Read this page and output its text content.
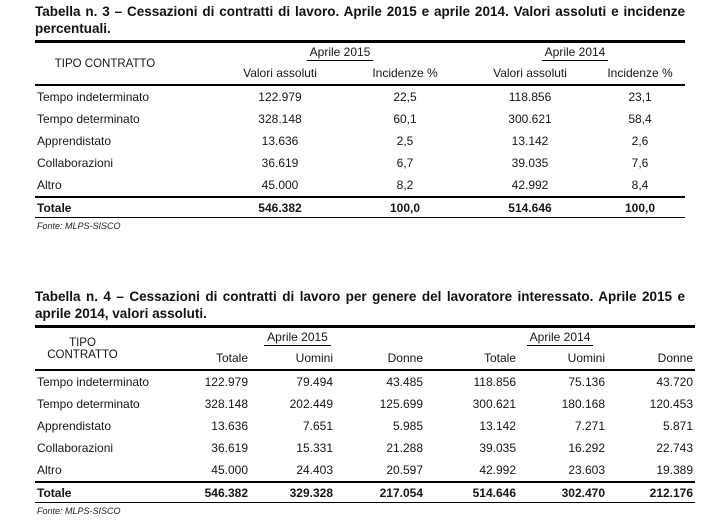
Tabella n. 3 – Cessazioni di contratti di lavoro. Aprile 2015 e aprile 2014. Valori assoluti e incidenze percentuali.
TIPO CONTRATTO	Aprile 2015		Aprile 2014	
	Valori assoluti	Incidenze %	Valori assoluti	Incidenze %
Tempo indeterminato	122.979	22,5	118.856	23,1
Tempo determinato	328.148	60,1	300.621	58,4
Apprendistato	13.636	2,5	13.142	2,6
Collaborazioni	36.619	6,7	39.035	7,6
Altro	45.000	8,2	42.992	8,4
Totale	546.382	100,0	514.646	100,0
Fonte: MLPS-SISCO
Tabella n. 4 – Cessazioni di contratti di lavoro per genere del lavoratore interessato. Aprile 2015 e aprile 2014, valori assoluti.
TIPO CONTRATTO	Aprile 2015			Aprile 2014		
	Totale	Uomini	Donne	Totale	Uomini	Donne
Tempo indeterminato	122.979	79.494	43.485	118.856	75.136	43.720
Tempo determinato	328.148	202.449	125.699	300.621	180.168	120.453
Apprendistato	13.636	7.651	5.985	13.142	7.271	5.871
Collaborazioni	36.619	15.331	21.288	39.035	16.292	22.743
Altro	45.000	24.403	20.597	42.992	23.603	19.389
Totale	546.382	329.328	217.054	514.646	302.470	212.176
Fonte: MLPS-SISCO
